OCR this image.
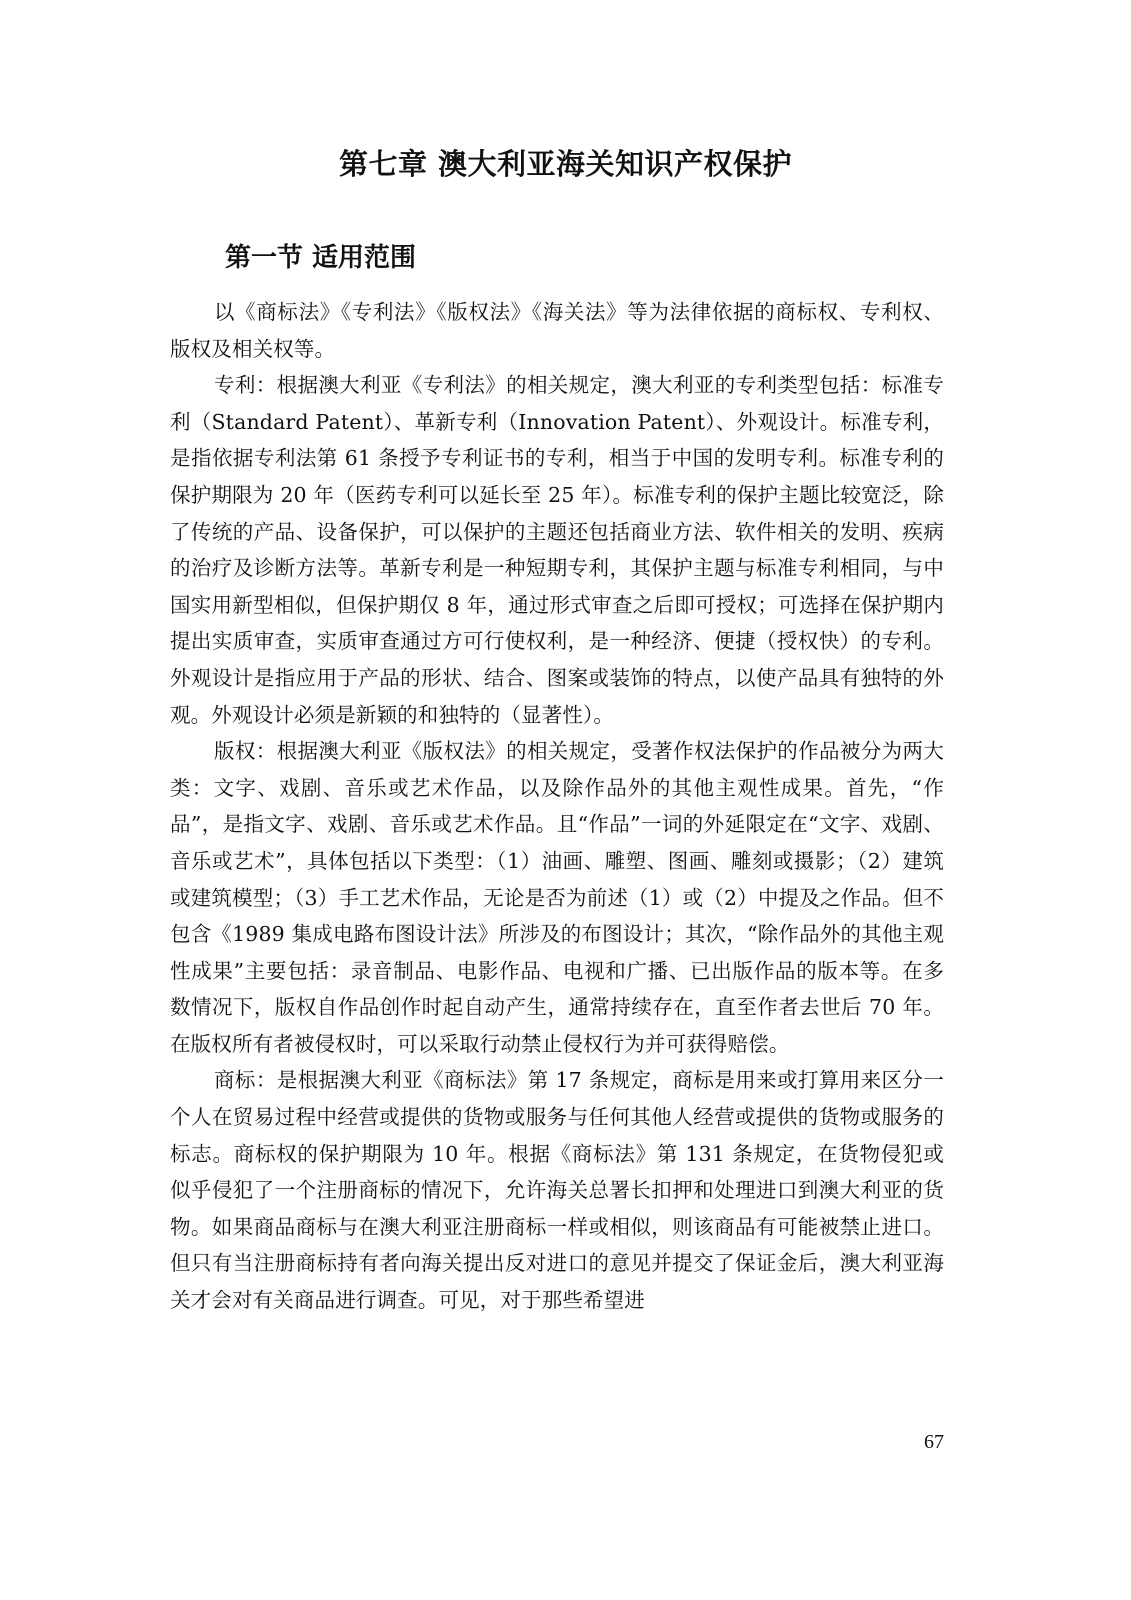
第七章 澳大利亚海关知识产权保护
第一节 适用范围

以《商标法》《专利法》《版权法》《海关法》等为法律依据的商标权、专利权、版权及相关权等。

专利：根据澳大利亚《专利法》的相关规定，澳大利亚的专利类型包括：标准专利（Standard Patent）、革新专利（Innovation Patent）、外观设计。标准专利，是指依据专利法第 61 条授予专利证书的专利，相当于中国的发明专利。标准专利的保护期限为 20 年（医药专利可以延长至 25 年）。标准专利的保护主题比较宽泛，除了传统的产品、设备保护，可以保护的主题还包括商业方法、软件相关的发明、疾病的治疗及诊断方法等。革新专利是一种短期专利，其保护主题与标准专利相同，与中国实用新型相似，但保护期仅 8 年，通过形式审查之后即可授权；可选择在保护期内提出实质审查，实质审查通过方可行使权利，是一种经济、便捷（授权快）的专利。外观设计是指应用于产品的形状、结合、图案或装饰的特点，以使产品具有独特的外观。外观设计必须是新颖的和独特的（显著性）。

版权：根据澳大利亚《版权法》的相关规定，受著作权法保护的作品被分为两大类：文字、戏剧、音乐或艺术作品，以及除作品外的其他主观性成果。首先，“作品”，是指文字、戏剧、音乐或艺术作品。且“作品”一词的外延限定在“文字、戏剧、音乐或艺术”，具体包括以下类型：（1）油画、雕塑、图画、雕刻或摄影；（2）建筑或建筑模型；（3）手工艺术作品，无论是否为前述（1）或（2）中提及之作品。但不包含《1989 集成电路布图设计法》所涉及的布图设计；其次，“除作品外的其他主观性成果”主要包括：录音制品、电影作品、电视和广播、已出版作品的版本等。在多数情况下，版权自作品创作时起自动产生，通常持续存在，直至作者去世后 70 年。在版权所有者被侵权时，可以采取行动禁止侵权行为并可获得赔偿。

商标：是根据澳大利亚《商标法》第 17 条规定，商标是用来或打算用来区分一个人在贸易过程中经营或提供的货物或服务与任何其他人经营或提供的货物或服务的标志。商标权的保护期限为 10 年。根据《商标法》第 131 条规定，在货物侵犯或似乎侵犯了一个注册商标的情况下，允许海关总署长扣押和处理进口到澳大利亚的货物。如果商品商标与在澳大利亚注册商标一样或相似，则该商品有可能被禁止进口。但只有当注册商标持有者向海关提出反对进口的意见并提交了保证金后，澳大利亚海关才会对有关商品进行调查。可见，对于那些希望进

67
